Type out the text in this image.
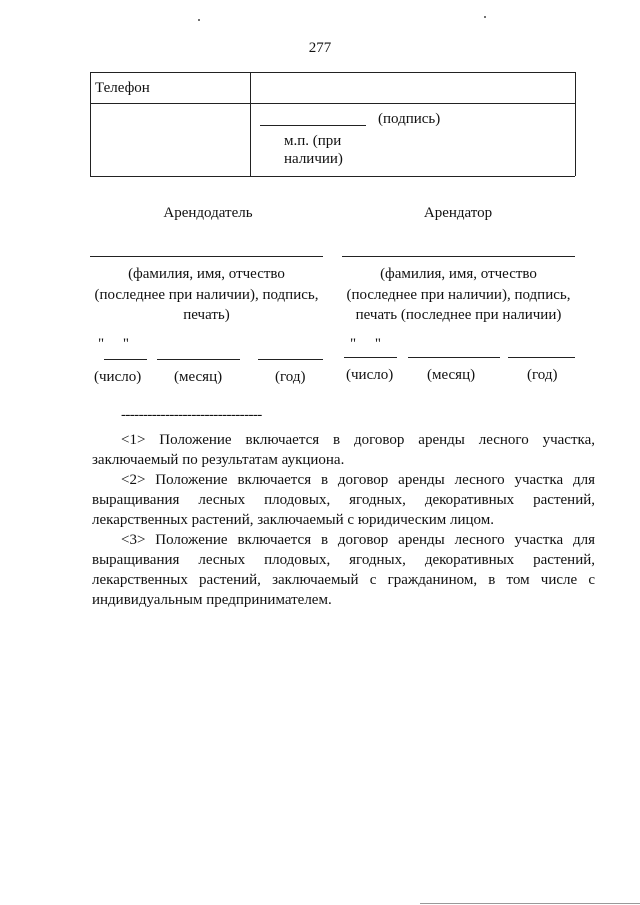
277
Телефон
(подпись)
м.п. (при
наличии)
Арендодатель
(фамилия, имя, отчество
(последнее при наличии), подпись,
печать)
"     "
(число) (месяц)	(год)
Арендатор
(фамилия, имя, отчество
(последнее при наличии), подпись,
печать (последнее при наличии)
"     "
(число) (месяц)	(год)
--------------------------------
<1> Положение включается в договор аренды лесного участка,
заключаемый по результатам аукциона.
<2> Положение включается в договор аренды лесного участка для
выращивания лесных плодовых, ягодных, декоративных растений,
лекарственных растений, заключаемый с юридическим лицом.
<3> Положение включается в договор аренды лесного участка для
выращивания лесных плодовых, ягодных, декоративных растений,
лекарственных растений, заключаемый с гражданином, в том числе с
индивидуальным предпринимателем.
